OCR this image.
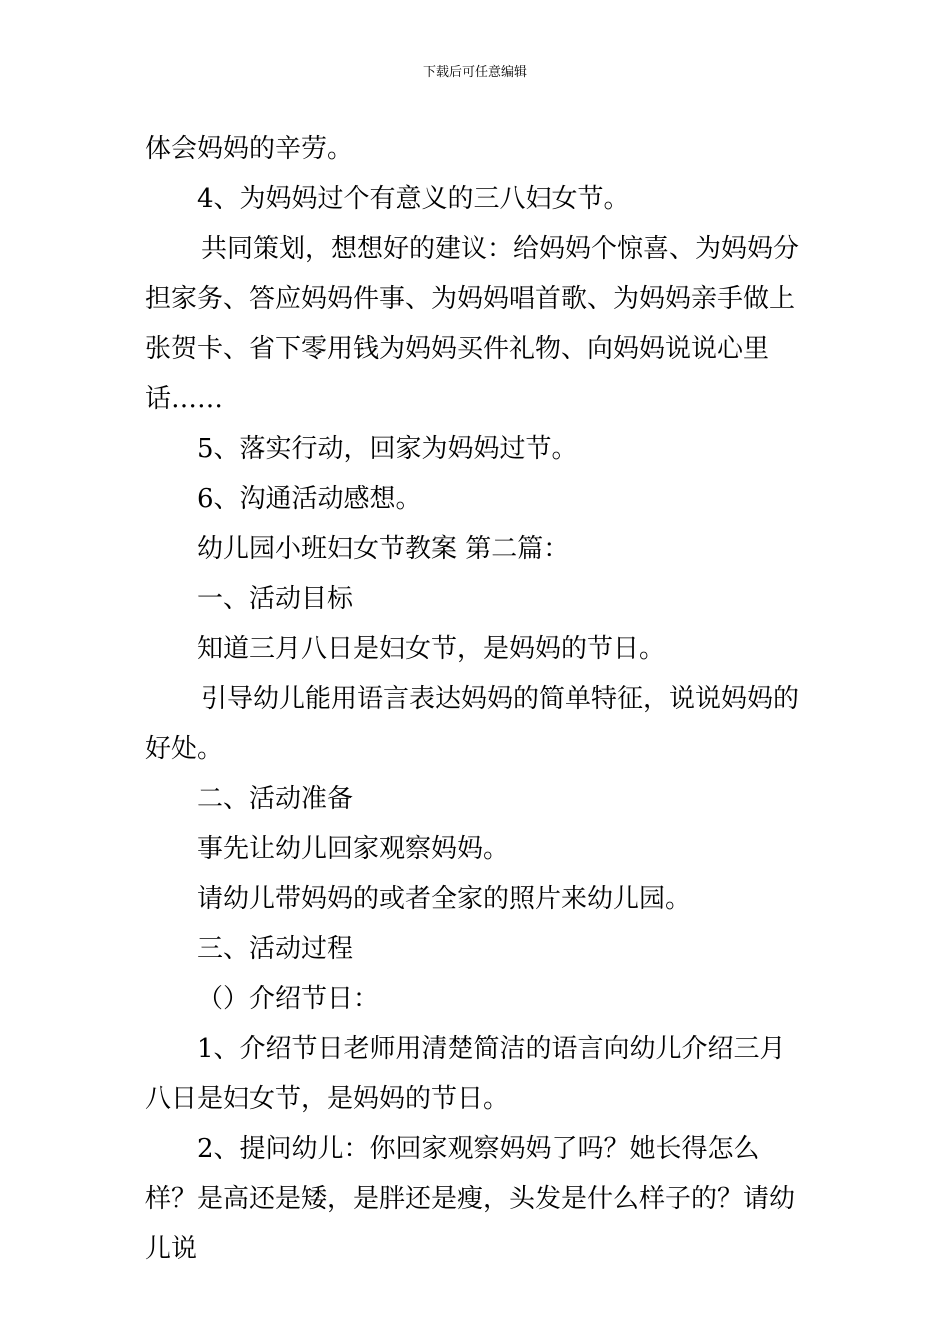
下载后可任意编辑

体会妈妈的辛劳。

4、为妈妈过个有意义的三八妇女节。

共同策划，想想好的建议：给妈妈个惊喜、为妈妈分担家务、答应妈妈件事、为妈妈唱首歌、为妈妈亲手做上张贺卡、省下零用钱为妈妈买件礼物、向妈妈说说心里话……

5、落实行动，回家为妈妈过节。

6、沟通活动感想。

幼儿园小班妇女节教案 第二篇：

一、活动目标

知道三月八日是妇女节，是妈妈的节日。

引导幼儿能用语言表达妈妈的简单特征，说说妈妈的好处。

二、活动准备

事先让幼儿回家观察妈妈。

请幼儿带妈妈的或者全家的照片来幼儿园。

三、活动过程

（）介绍节日：

1、介绍节日老师用清楚简洁的语言向幼儿介绍三月八日是妇女节，是妈妈的节日。

2、提问幼儿：你回家观察妈妈了吗？她长得怎么样？是高还是矮，是胖还是瘦，头发是什么样子的？请幼儿说
